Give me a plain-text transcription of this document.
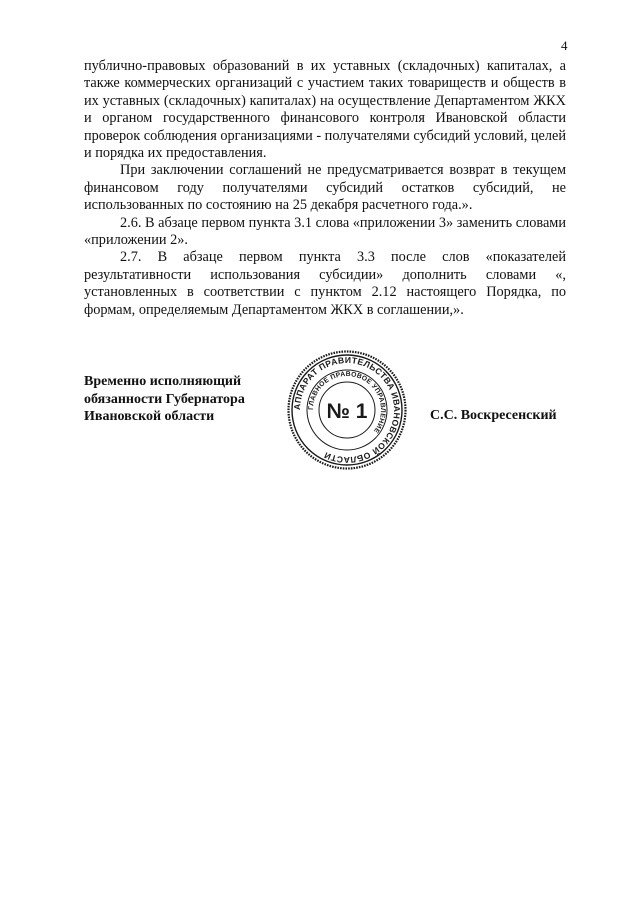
4

публично-правовых образований в их уставных (складочных) капиталах, а также коммерческих организаций с участием таких товариществ и обществ в их уставных (складочных) капиталах) на осуществление Департаментом ЖКХ и органом государственного финансового контроля Ивановской области проверок соблюдения организациями - получателями субсидий условий, целей и порядка их предоставления.

При заключении соглашений не предусматривается возврат в текущем финансовом году получателями субсидий остатков субсидий, не использованных по состоянию на 25 декабря расчетного года.».

2.6. В абзаце первом пункта 3.1 слова «приложении 3» заменить словами «приложении 2».

2.7. В абзаце первом пункта 3.3 после слов «показателей результативности использования субсидии» дополнить словами «, установленных в соответствии с пунктом 2.12 настоящего Порядка, по формам, определяемым Департаментом ЖКХ в соглашении,».

Временно исполняющий
обязанности Губернатора
Ивановской области
АППАРАТ ПРАВИТЕЛЬСТВА ИВАНОВСКОЙ ОБЛАСТИ
ГЛАВНОЕ ПРАВОВОЕ УПРАВЛЕНИЕ
№ 1	С.С. Воскресенский
